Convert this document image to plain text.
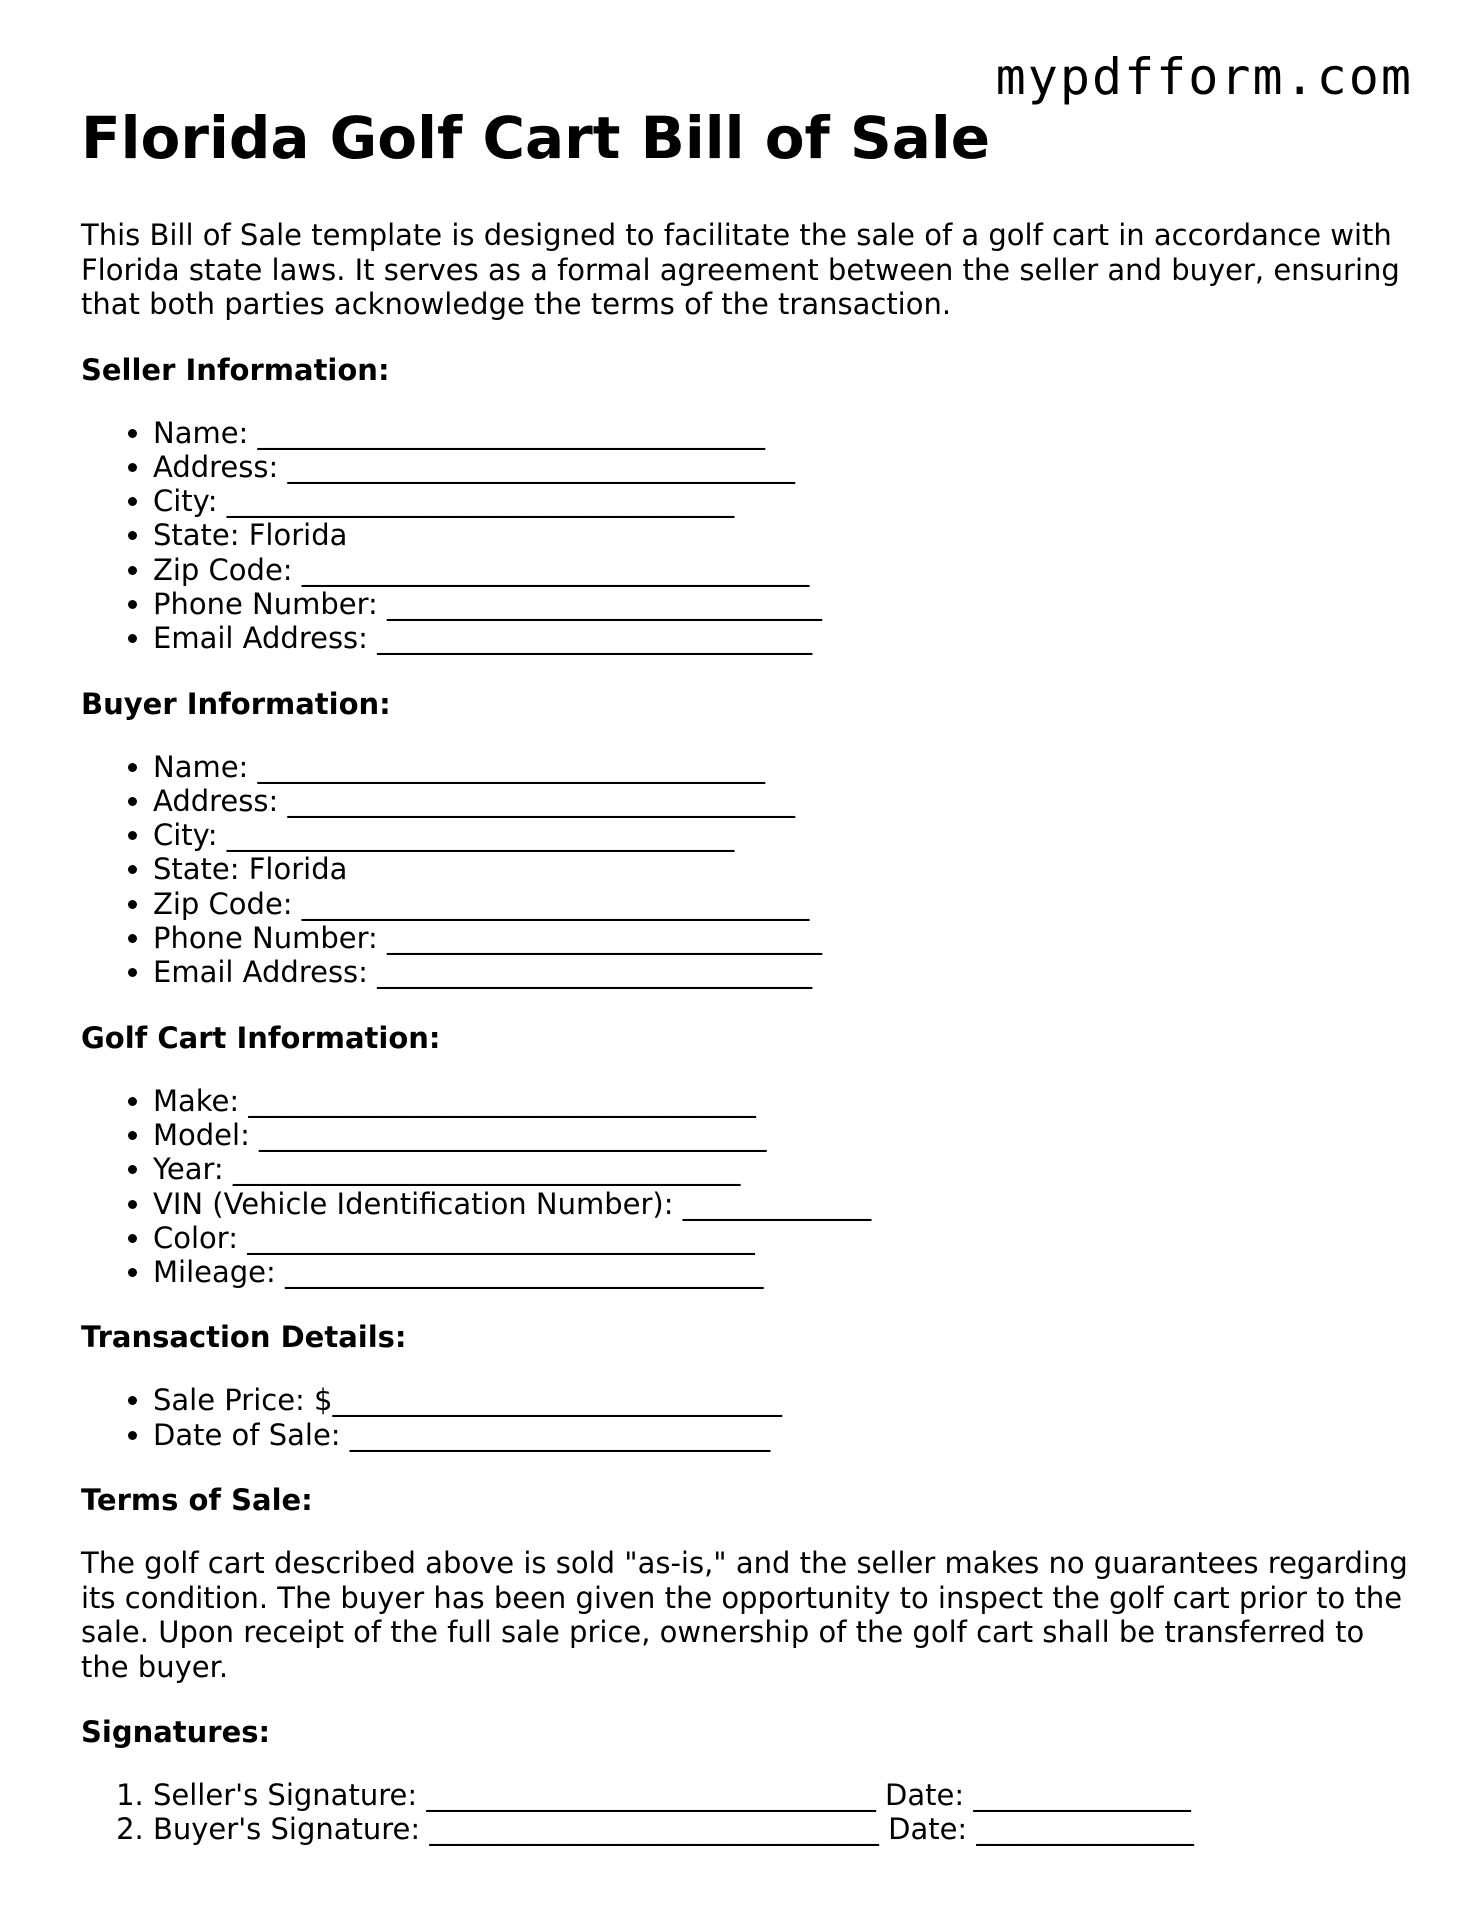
mypdfform.com
Florida Golf Cart Bill of Sale

This Bill of Sale template is designed to facilitate the sale of a golf cart in accordance with Florida state laws. It serves as a formal agreement between the seller and buyer, ensuring that both parties acknowledge the terms of the transaction.

Seller Information:
• Name: ___________________________________
• Address: ___________________________________
• City: ___________________________________
• State: Florida
• Zip Code: ___________________________________
• Phone Number: ______________________________
• Email Address: ______________________________
Buyer Information:
• Name: ___________________________________
• Address: ___________________________________
• City: ___________________________________
• State: Florida
• Zip Code: ___________________________________
• Phone Number: ______________________________
• Email Address: ______________________________
Golf Cart Information:
• Make: ___________________________________
• Model: ___________________________________
• Year: ___________________________________
• VIN (Vehicle Identification Number): _____________
• Color: ___________________________________
• Mileage: _________________________________
Transaction Details:
• Sale Price: $_______________________________
• Date of Sale: _____________________________
Terms of Sale:

The golf cart described above is sold "as-is," and the seller makes no guarantees regarding its condition. The buyer has been given the opportunity to inspect the golf cart prior to the sale. Upon receipt of the full sale price, ownership of the golf cart shall be transferred to the buyer.

Signatures:
1. Seller's Signature: _______________________________ Date: _______________
2. Buyer's Signature: _______________________________ Date: _______________
